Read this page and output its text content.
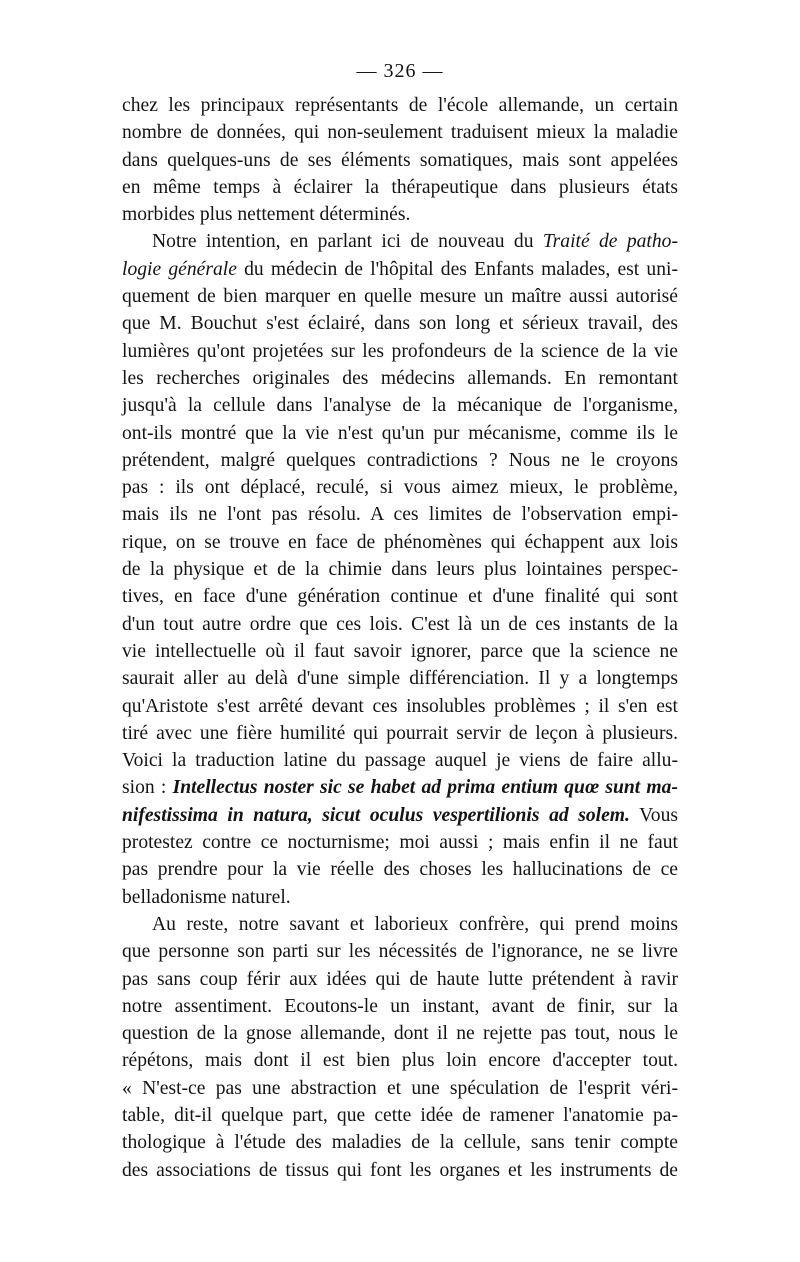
— 326 —
chez les principaux représentants de l'école allemande, un certain
nombre de données, qui non-seulement traduisent mieux la maladie
dans quelques-uns de ses éléments somatiques, mais sont appelées
en même temps à éclairer la thérapeutique dans plusieurs états
morbides plus nettement déterminés.
Notre intention, en parlant ici de nouveau du Traité de patho-
logie générale du médecin de l'hôpital des Enfants malades, est uni-
quement de bien marquer en quelle mesure un maître aussi autorisé
que M. Bouchut s'est éclairé, dans son long et sérieux travail, des
lumières qu'ont projetées sur les profondeurs de la science de la vie
les recherches originales des médecins allemands. En remontant
jusqu'à la cellule dans l'analyse de la mécanique de l'organisme,
ont-ils montré que la vie n'est qu'un pur mécanisme, comme ils le
prétendent, malgré quelques contradictions ? Nous ne le croyons
pas : ils ont déplacé, reculé, si vous aimez mieux, le problème,
mais ils ne l'ont pas résolu. A ces limites de l'observation empi-
rique, on se trouve en face de phénomènes qui échappent aux lois
de la physique et de la chimie dans leurs plus lointaines perspec-
tives, en face d'une génération continue et d'une finalité qui sont
d'un tout autre ordre que ces lois. C'est là un de ces instants de la
vie intellectuelle où il faut savoir ignorer, parce que la science ne
saurait aller au delà d'une simple différenciation. Il y a longtemps
qu'Aristote s'est arrêté devant ces insolubles problèmes ; il s'en est
tiré avec une fière humilité qui pourrait servir de leçon à plusieurs.
Voici la traduction latine du passage auquel je viens de faire allu-
sion : Intellectus noster sic se habet ad prima entium quœ sunt ma-
nifestissima in natura, sicut oculus vespertilionis ad solem. Vous
protestez contre ce nocturnisme; moi aussi ; mais enfin il ne faut
pas prendre pour la vie réelle des choses les hallucinations de ce
belladonisme naturel.
Au reste, notre savant et laborieux confrère, qui prend moins
que personne son parti sur les nécessités de l'ignorance, ne se livre
pas sans coup férir aux idées qui de haute lutte prétendent à ravir
notre assentiment. Ecoutons-le un instant, avant de finir, sur la
question de la gnose allemande, dont il ne rejette pas tout, nous le
répétons, mais dont il est bien plus loin encore d'accepter tout.
« N'est-ce pas une abstraction et une spéculation de l'esprit véri-
table, dit-il quelque part, que cette idée de ramener l'anatomie pa-
thologique à l'étude des maladies de la cellule, sans tenir compte
des associations de tissus qui font les organes et les instruments de
